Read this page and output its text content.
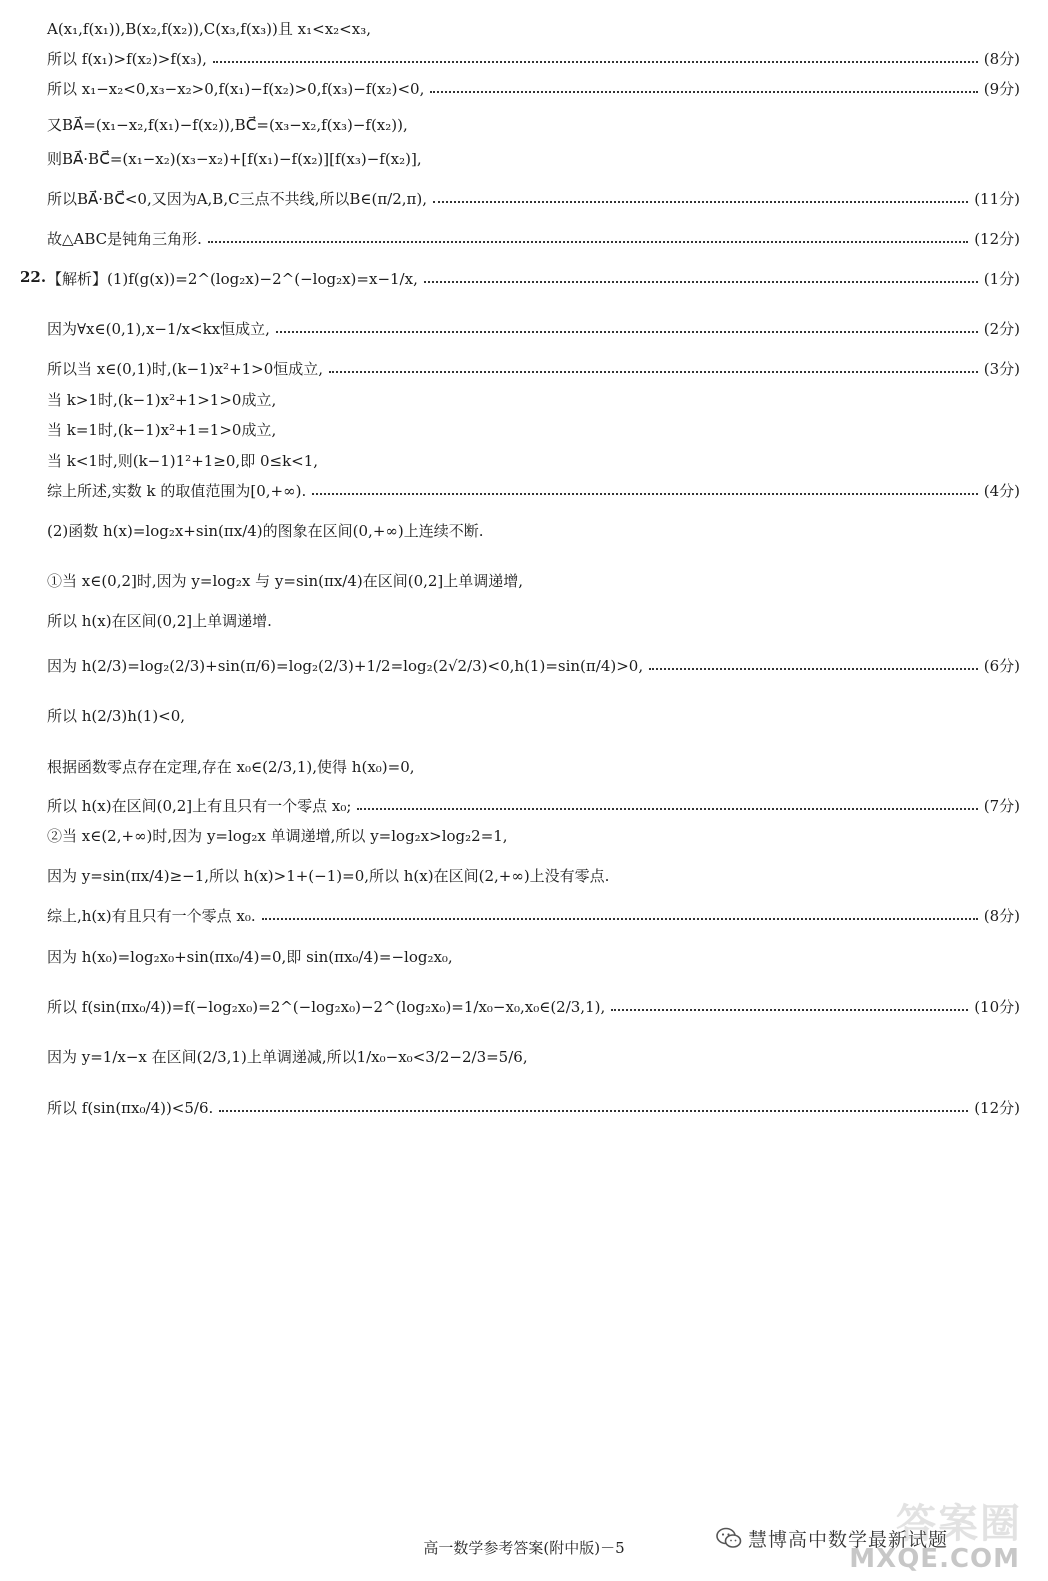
A(x₁,f(x₁)),B(x₂,f(x₂)),C(x₃,f(x₃))且 x₁<x₂<x₃,
所以 f(x₁)>f(x₂)>f(x₃),	(8分)
所以 x₁−x₂<0,x₃−x₂>0,f(x₁)−f(x₂)>0,f(x₃)−f(x₂)<0,	(9分)
又BA⃗=(x₁−x₂,f(x₁)−f(x₂)),BC⃗=(x₃−x₂,f(x₃)−f(x₂)),
则BA⃗·BC⃗=(x₁−x₂)(x₃−x₂)+[f(x₁)−f(x₂)][f(x₃)−f(x₂)],
所以BA⃗·BC⃗<0,又因为A,B,C三点不共线,所以B∈(π/2,π),	(11分)
故△ABC是钝角三角形.	(12分)
22. 【解析】(1)f(g(x))=2^(log₂x)−2^(−log₂x)=x−1/x,	(1分)
因为∀x∈(0,1),x−1/x<kx恒成立,	(2分)
所以当 x∈(0,1)时,(k−1)x²+1>0恒成立,	(3分)
当 k>1时,(k−1)x²+1>1>0成立,
当 k=1时,(k−1)x²+1=1>0成立,
当 k<1时,则(k−1)1²+1≥0,即 0≤k<1,
综上所述,实数 k 的取值范围为[0,+∞).	(4分)
(2)函数 h(x)=log₂x+sin(πx/4)的图象在区间(0,+∞)上连续不断.
①当 x∈(0,2]时,因为 y=log₂x 与 y=sin(πx/4)在区间(0,2]上单调递增,
所以 h(x)在区间(0,2]上单调递增.
因为 h(2/3)=log₂(2/3)+sin(π/6)=log₂(2/3)+1/2=log₂(2√2/3)<0,h(1)=sin(π/4)>0,	(6分)
所以 h(2/3)h(1)<0,
根据函数零点存在定理,存在 x₀∈(2/3,1),使得 h(x₀)=0,
所以 h(x)在区间(0,2]上有且只有一个零点 x₀;	(7分)
②当 x∈(2,+∞)时,因为 y=log₂x 单调递增,所以 y=log₂x>log₂2=1,
因为 y=sin(πx/4)≥−1,所以 h(x)>1+(−1)=0,所以 h(x)在区间(2,+∞)上没有零点.
综上,h(x)有且只有一个零点 x₀.	(8分)
因为 h(x₀)=log₂x₀+sin(πx₀/4)=0,即 sin(πx₀/4)=−log₂x₀,
所以 f(sin(πx₀/4))=f(−log₂x₀)=2^(−log₂x₀)−2^(log₂x₀)=1/x₀−x₀,x₀∈(2/3,1),	(10分)
因为 y=1/x−x 在区间(2/3,1)上单调递减,所以1/x₀−x₀<3/2−2/3=5/6,
所以 f(sin(πx₀/4))<5/6.	(12分)
慧博高中数学最新试题
答案圈
MXQE.COM
高一数学参考答案(附中版)－5
